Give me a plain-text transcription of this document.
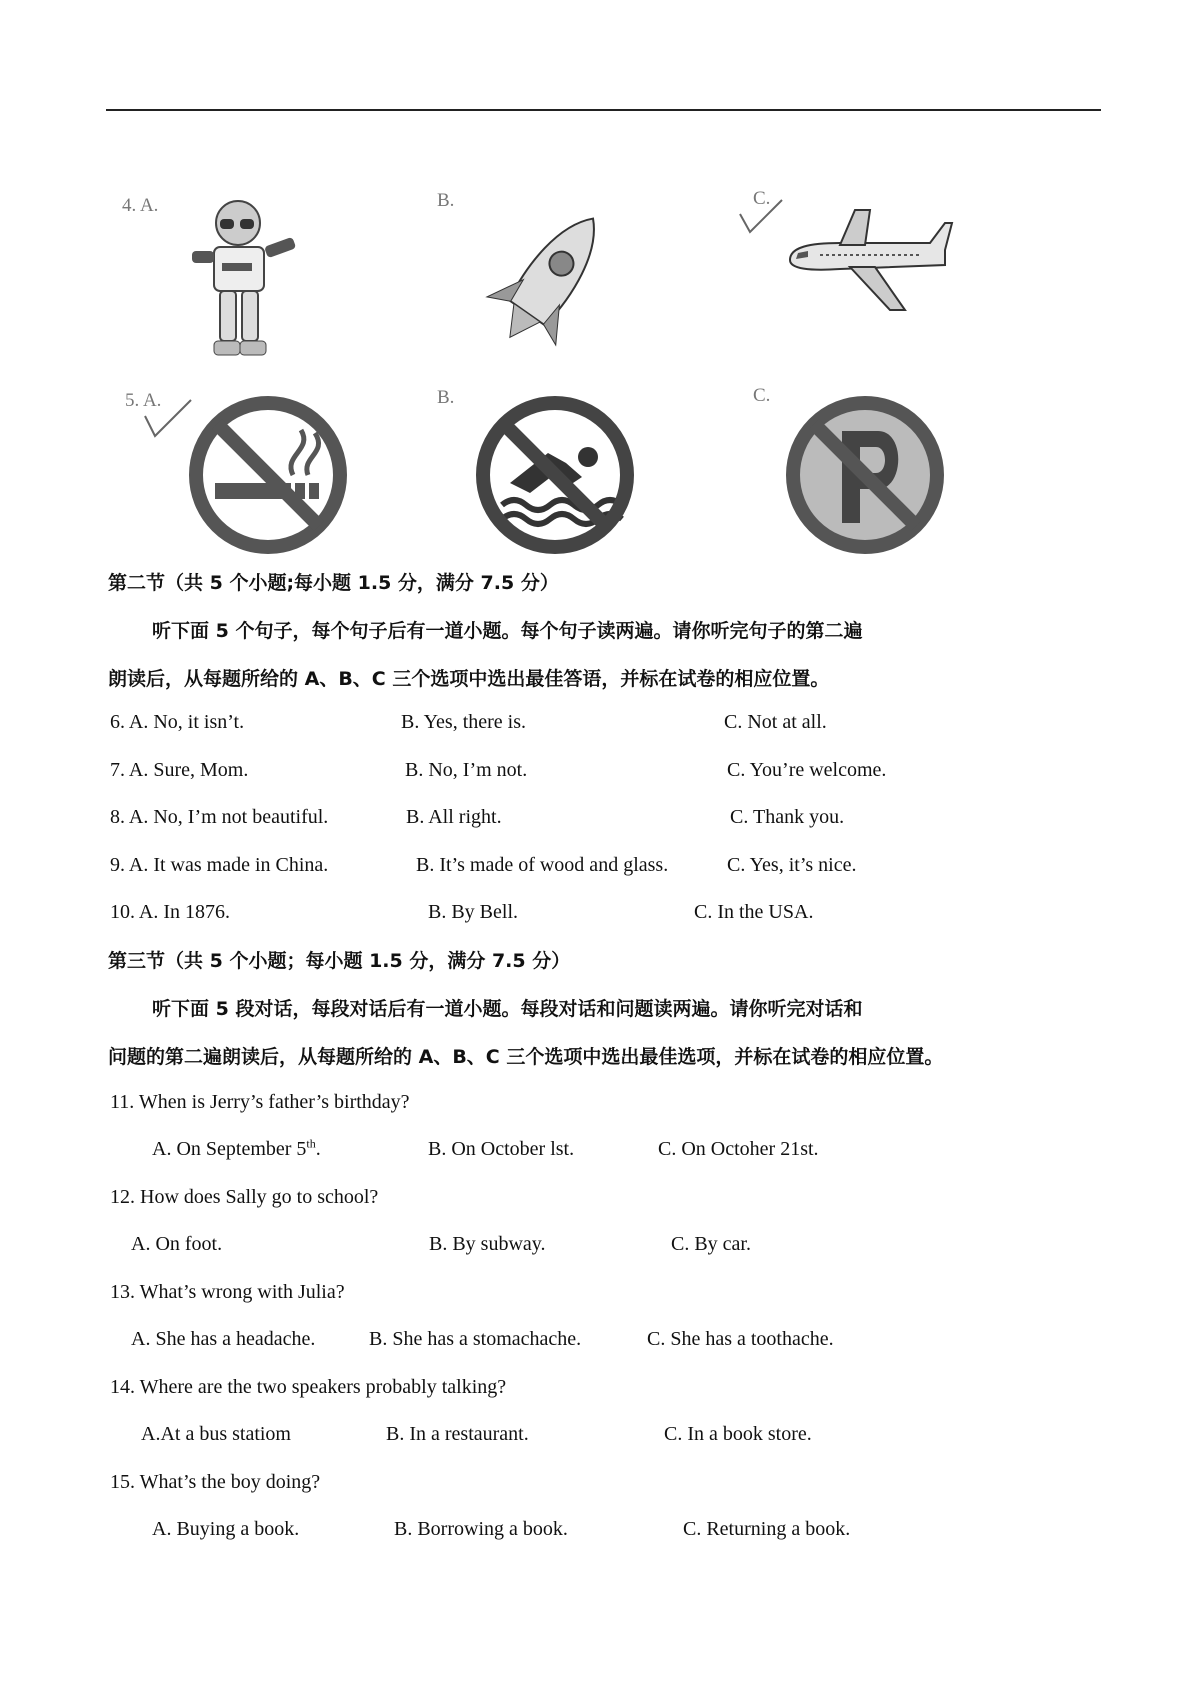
4. A.	B.	C.
5. A.	B.	C.
第二节（共 5 个小题;每小题 1.5 分，满分 7.5 分）
听下面 5 个句子，每个句子后有一道小题。每个句子读两遍。请你听完句子的第二遍
朗读后，从每题所给的 A、B、C 三个选项中选出最佳答语，并标在试卷的相应位置。
6. A. No, it isn’t.	B. Yes, there is.	C. Not at all.
7. A. Sure, Mom.	B. No, I’m not.	C. You’re welcome.
8. A. No, I’m not beautiful.	B. All right.	C. Thank you.
9. A. It was made in China.	B. It’s made of wood and glass.	C. Yes, it’s nice.
10. A. In 1876.	B. By Bell.	C. In the USA.
第三节（共 5 个小题；每小题 1.5 分，满分 7.5 分）
听下面 5 段对话，每段对话后有一道小题。每段对话和问题读两遍。请你听完对话和
问题的第二遍朗读后，从每题所给的 A、B、C 三个选项中选出最佳选项，并标在试卷的相应位置。
11. When is Jerry’s father’s birthday?
A. On September 5th.	B. On October lst.	C. On Octoher 21st.
12. How does Sally go to school?
A. On foot.	B. By subway.	C. By car.
13. What’s wrong with Julia?
A. She has a headache.	B. She has a stomachache.	C. She has a toothache.
14. Where are the two speakers probably talking?
A.At a bus statiom	B. In a restaurant.	C. In a book store.
15. What’s the boy doing?
A. Buying a book.	B. Borrowing a book.	C. Returning a book.
